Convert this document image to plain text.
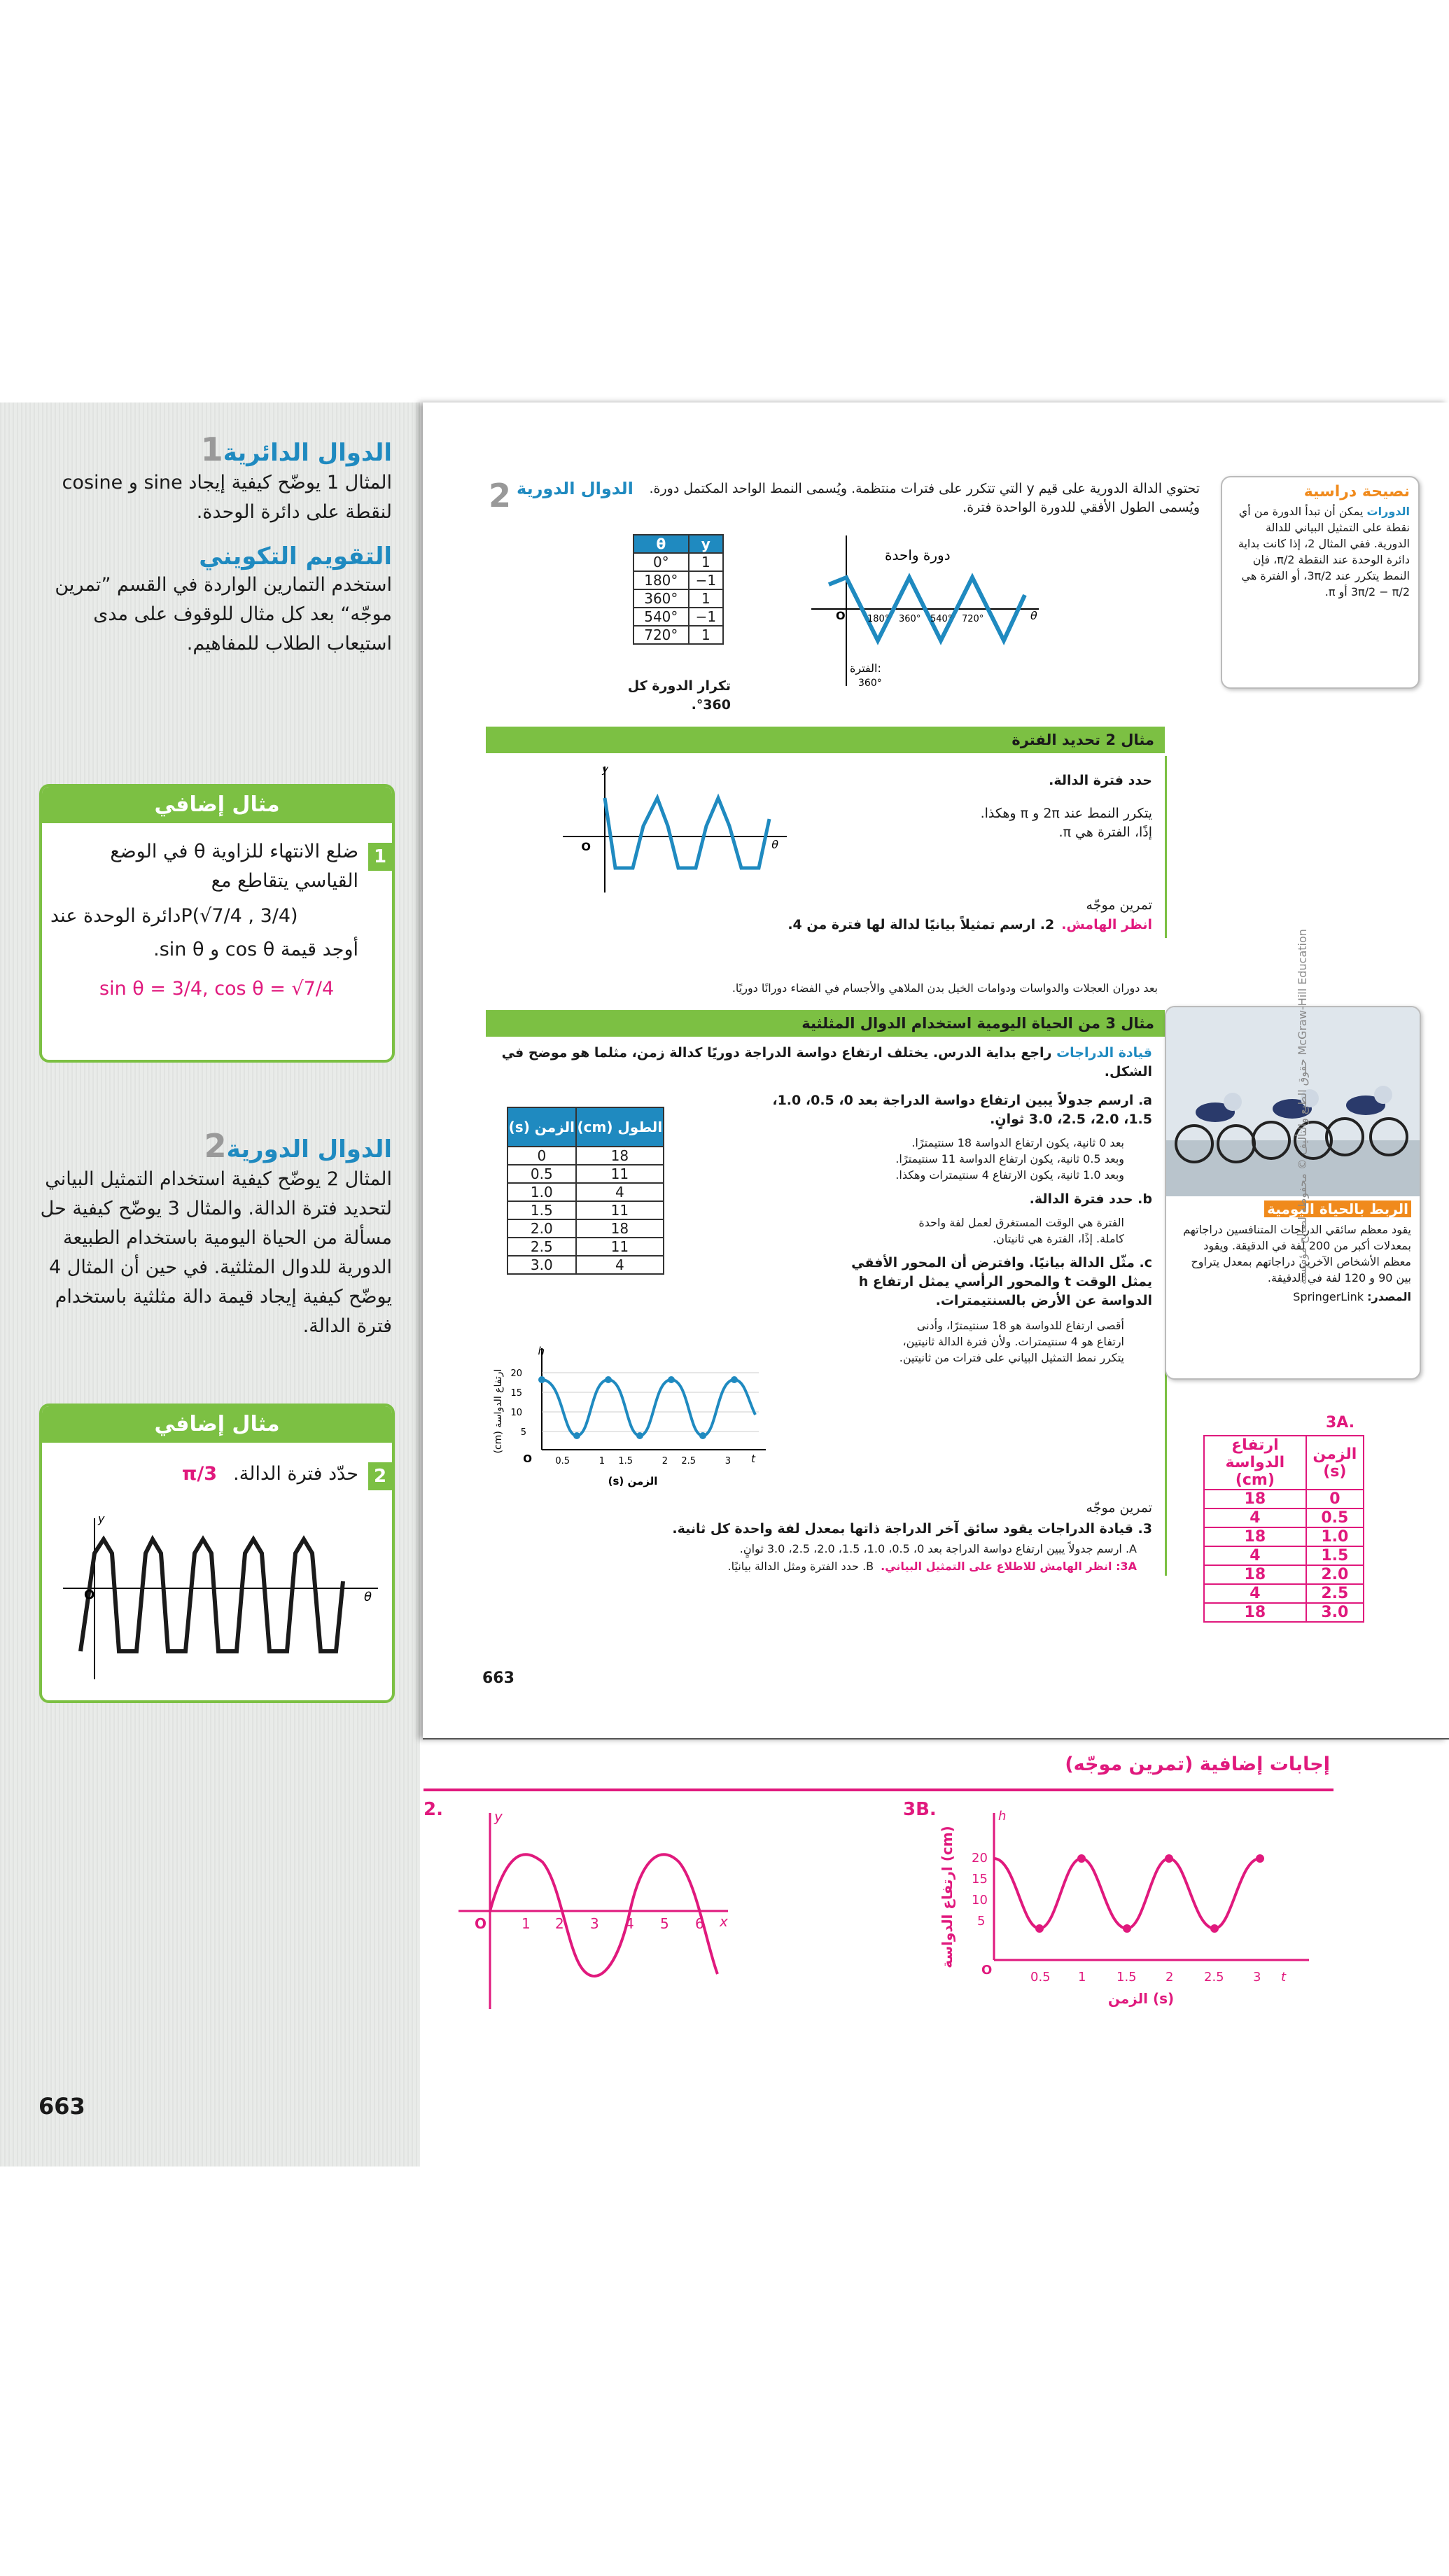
الدوال الدائرية1
المثال 1 يوضّح كيفية إيجاد sine و cosine لنقطة على دائرة الوحدة.
التقويم التكويني
استخدم التمارين الواردة في القسم ”تمرين موجّه“ بعد كل مثال للوقوف على مدى استيعاب الطلاب للمفاهيم.
مثال إضافي
1
ضلع الانتهاء للزاوية θ في الوضع
القياسي يتقاطع مع
دائرة الوحدة عند P(√7/4 , 3/4)
أوجد قيمة cos θ و sin θ.
sin θ = 3/4, cos θ = √7/4
الدوال الدورية2
المثال 2 يوضّح كيفية استخدام التمثيل البياني لتحديد فترة الدالة. والمثال 3 يوضّح كيفية حل مسألة من الحياة اليومية باستخدام الطبيعة الدورية للدوال المثلثية. في حين أن المثال 4 يوضّح كيفية إيجاد قيمة دالة مثلثية باستخدام فترة الدالة.
مثال إضافي
2
حدّد فترة الدالة.
π/3
O
y
θ
نصيحة دراسية
الدورات يمكن أن تبدأ الدورة من أي نقطة على التمثيل البياني للدالة الدورية. ففي المثال 2، إذا كانت بداية دائرة الوحدة عند النقطة π/2، فإن النمط يتكرر عند 3π/2، أو الفترة هي 3π/2 − π/2 أو π.
2 الدوال الدورية	تحتوي الدالة الدورية على قيم y التي تتكرر على فترات منتظمة. ويُسمى النمط الواحد المكتمل دورة. ويُسمى الطول الأفقي للدورة الواحدة فترة.
θ	y
0°	1
180°	−1
360°	1
540°	−1
720°	1
تكرار الدورة كل 360°.
دورة واحدة
الفترة:
360°
180° 360° 540° 720°
O	θ
مثال 2 تحديد الفترة
حدد فترة الدالة.
يتكرر النمط عند 2π و π وهكذا.
إذًا، الفترة هي π.
O
y
θ
تمرين موجّه
2. ارسم تمثيلاً بيانيًا لدالة لها فترة من 4. انظر الهامش.
بعد دوران العجلات والدواسات ودوامات الخيل بدن الملاهي والأجسام في الفضاء دورانًا دوريًا.
مثال 3 من الحياة اليومية استخدام الدوال المثلثية
قيادة الدراجات راجع بداية الدرس. يختلف ارتفاع دواسة الدراجة دوريًا كدالة زمن، مثلما هو موضح في الشكل.
a. ارسم جدولاً يبين ارتفاع دواسة الدراجة بعد 0، 0.5، 1.0، 1.5، 2.0، 2.5، 3.0 ثوانٍ.
بعد 0 ثانية، يكون ارتفاع الدواسة 18 سنتيمترًا.
وبعد 0.5 ثانية، يكون ارتفاع الدواسة 11 سنتيمترًا.
وبعد 1.0 ثانية، يكون الارتفاع 4 سنتيمترات وهكذا.
b. حدد فترة الدالة.
الفترة هي الوقت المستغرق لعمل لفة واحدة
كاملة. إذًا، الفترة هي ثانيتان.
c. مثّل الدالة بيانيًا. وافترض أن المحور الأفقي يمثل الوقت t والمحور الرأسي يمثل ارتفاع h الدواسة عن الأرض بالسنتيمترات.
أقصى ارتفاع للدواسة هو 18 سنتيمترًا، وأدنى
ارتفاع هو 4 سنتيمترات. ولأن فترة الدالة ثانيتين،
يتكرر نمط التمثيل البياني على فترات من ثانيتين.
الطول (cm)	الزمن (s)
18	0
11	0.5
4	1.0
11	1.5
18	2.0
11	2.5
4	3.0
ارتفاع الدواسة (cm) 20
15
10
5
0.5	1 1.5	2 2.5	3
O
h
t
الزمن (s)
تمرين موجّه
3. قيادة الدراجات يقود سائق آخر الدراجة ذاتها بمعدل لفة واحدة كل ثانية.
A. ارسم جدولاً يبين ارتفاع دواسة الدراجة بعد 0، 0.5، 1.0، 1.5، 2.0، 2.5، 3.0 ثوانٍ.
B. حدد الفترة ومثل الدالة بيانيًا. 3A: انظر الهامش للاطلاع على التمثيل البياني.
الربط بالحياة اليومية
يقود معظم سائقي الدراجات المتنافسين دراجاتهم بمعدلات أكبر من 200 لفة في الدقيقة. ويقود معظم الأشخاص الآخرين دراجاتهم بمعدل يتراوح بين 90 و 120 لفة في الدقيقة.
المصدر: SpringerLink
3A.
ارتفاع الدواسة (cm)	الزمن (s)
18	0
4	0.5
18	1.0
4	1.5
18	2.0
4	2.5
18	3.0
حقوق الطبع والتأليف © محفوظة لصالح مؤسسة McGraw-Hill Education
663
إجابات إضافية (تمرين موجّه)
2.
O 1 2 3 4 5 6 x
y	3B.
ارتفاع الدواسة (cm) 20
15
10
5
O	0.5 1 1.5 2 2.5 3 t
h
الزمن (s)
663
